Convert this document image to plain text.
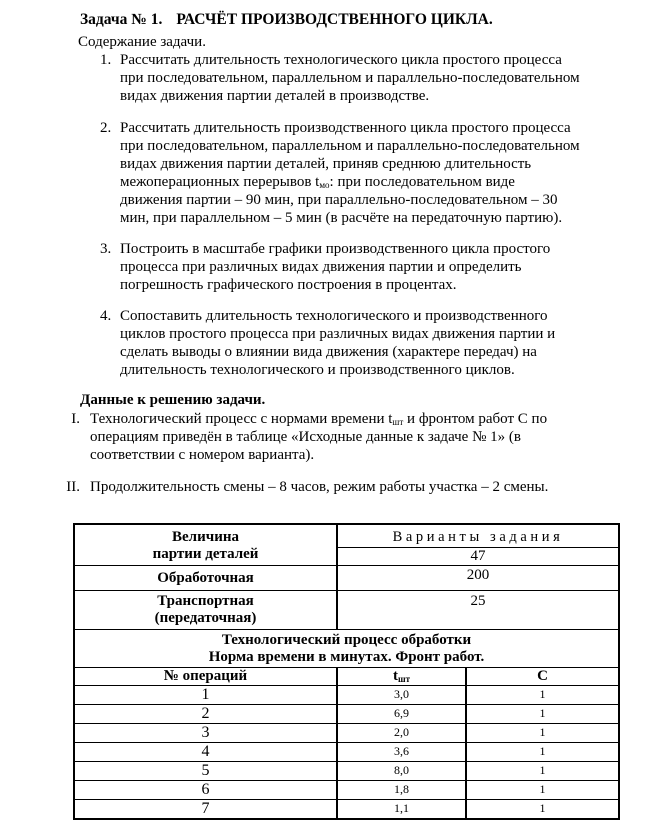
Задача № 1. РАСЧЁТ ПРОИЗВОДСТВЕННОГО ЦИКЛА.
Содержание задачи.
1. Рассчитать длительность технологического цикла простого процесса
при последовательном, параллельном и параллельно-последовательном
видах движения партии деталей в производстве.
2. Рассчитать длительность производственного цикла простого процесса
при последовательном, параллельном и параллельно-последовательном
видах движения партии деталей, приняв среднюю длительность
межоперационных перерывов $t_{мо}$: при последовательном виде
движения партии – 90 мин, при параллельно-последовательном – 30
мин, при параллельном – 5 мин (в расчёте на передаточную партию).
3. Построить в масштабе графики производственного цикла простого
процесса при различных видах движения партии и определить
погрешность графического построения в процентах.
4. Сопоставить длительность технологического и производственного
циклов простого процесса при различных видах движения партии и
сделать выводы о влиянии вида движения (характере передач) на
длительность технологического и производственного циклов.
Данные к решению задачи.
I. Технологический процесс с нормами времени $t_{шт}$ и фронтом работ С по
операциям приведён в таблице «Исходные данные к задаче № 1» (в
соответствии с номером варианта).
II. Продолжительность смены – 8 часов, режим работы участка – 2 смены.
Величина
партии деталей	Варианты задания	
	47	
Обработочная	200	

Транспортная
(передаточная)	25	

Технологический процесс обработки
Норма времени в минутах. Фронт работ.		

№ операций	$t_{шт}$	С
1	3,0	1
2	6,9	1
3	2,0	1
4	3,6	1
5	8,0	1
6	1,8	1
7	1,1	1
